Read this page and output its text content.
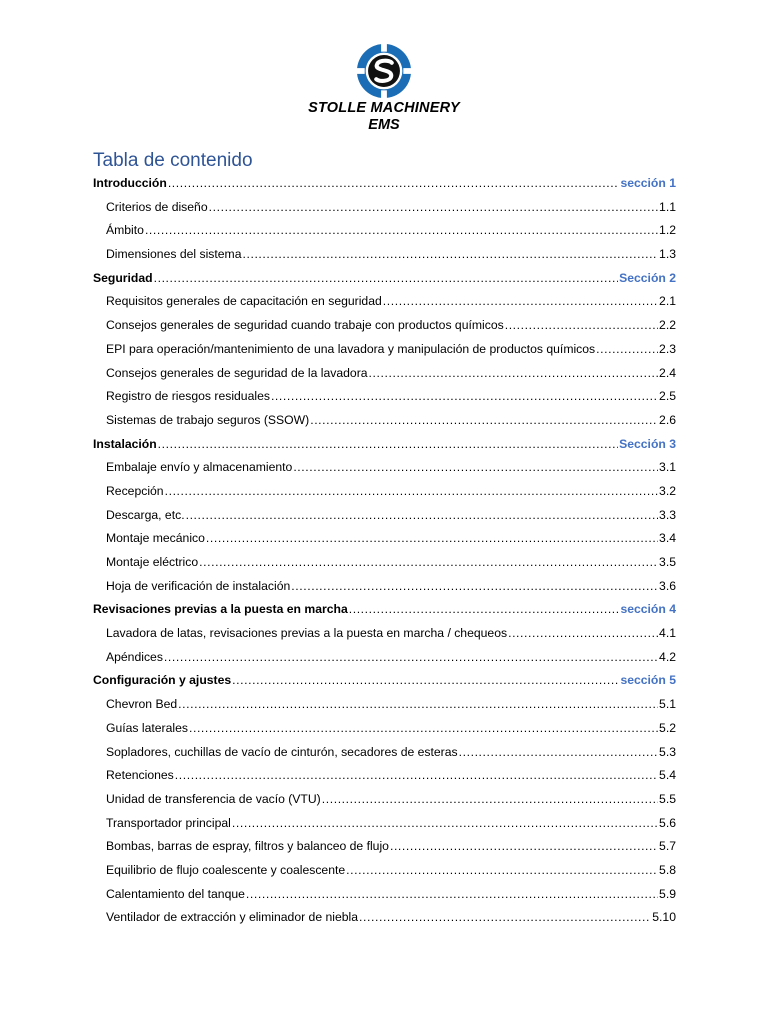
STOLLE MACHINERY
EMS
Tabla de contenido
Introducción .....	sección 1
Criterios de diseño .....	1.1
Ámbito .....	1.2
Dimensiones del sistema .....	1.3
Seguridad .....	Sección 2
Requisitos generales de capacitación en seguridad .....	2.1
Consejos generales de seguridad cuando trabaje con productos químicos .....	2.2
EPI para operación/mantenimiento de una lavadora y manipulación de productos químicos .....	2.3
Consejos generales de seguridad de la lavadora .....	2.4
Registro de riesgos residuales .....	2.5
Sistemas de trabajo seguros (SSOW) .....	2.6
Instalación .....	Sección 3
Embalaje envío y almacenamiento .....	3.1
Recepción .....	3.2
Descarga, etc. .....	3.3
Montaje mecánico .....	3.4
Montaje eléctrico .....	3.5
Hoja de verificación de instalación .....	3.6
Revisaciones previas a la puesta en marcha .....	sección 4
Lavadora de latas, revisaciones previas a la puesta en marcha / chequeos .....	4.1
Apéndices .....	4.2
Configuración y ajustes .....	sección 5
Chevron Bed .....	5.1
Guías laterales .....	5.2
Sopladores, cuchillas de vacío de cinturón, secadores de esteras .....	5.3
Retenciones .....	5.4
Unidad de transferencia de vacío (VTU) .....	5.5
Transportador principal .....	5.6
Bombas, barras de espray, filtros y balanceo de flujo .....	5.7
Equilibrio de flujo coalescente y coalescente .....	5.8
Calentamiento del tanque .....	5.9
Ventilador de extracción y eliminador de niebla .....	5.10
